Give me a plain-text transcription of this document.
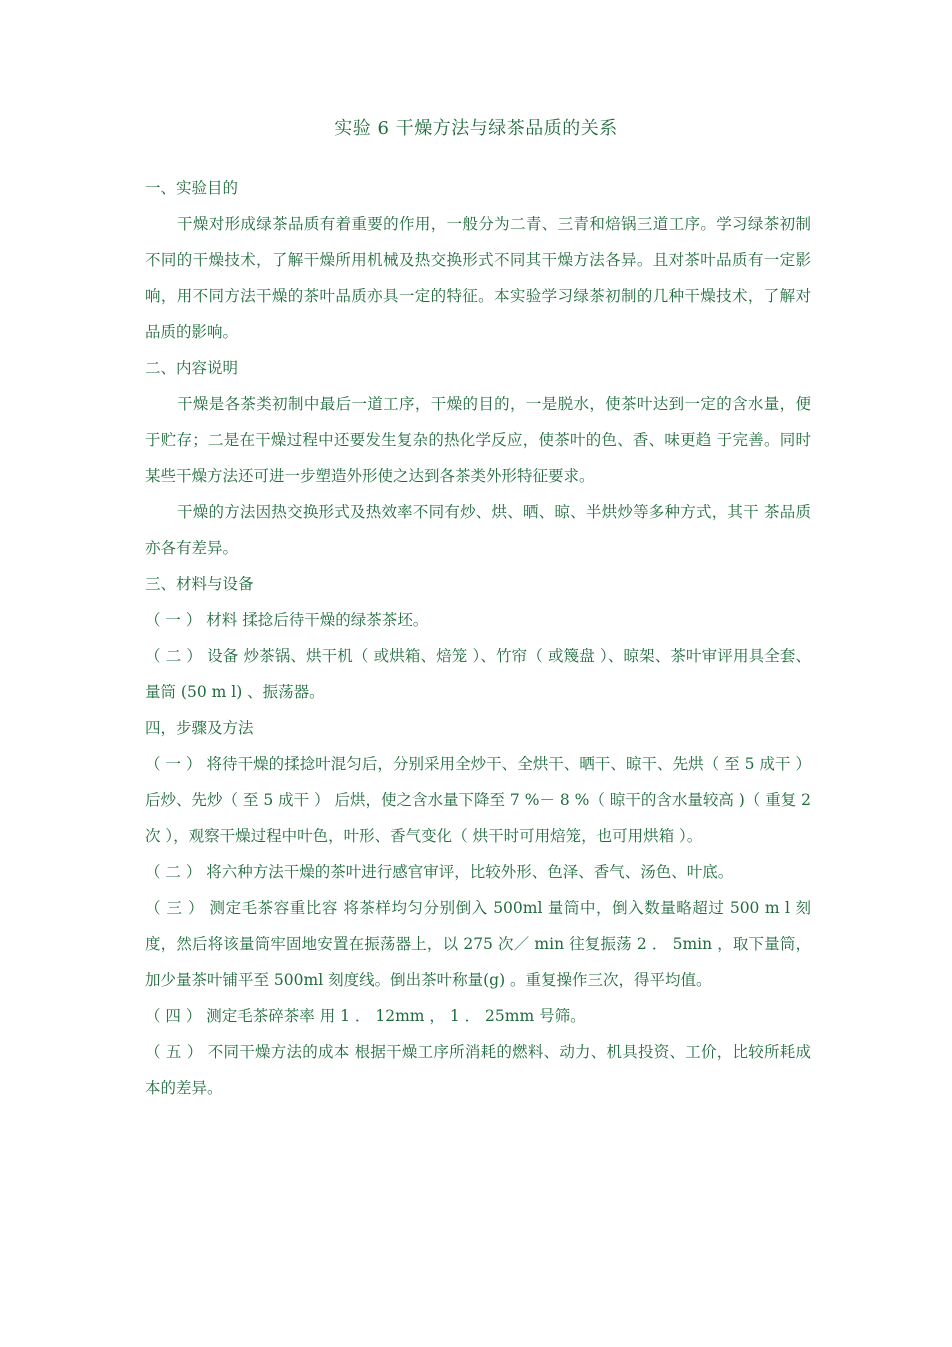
实验 6 干燥方法与绿茶品质的关系

一、实验目的

干燥对形成绿茶品质有着重要的作用，一般分为二青、三青和焙锅三道工序。学习绿茶初制不同的干燥技术，了解干燥所用机械及热交换形式不同其干燥方法各异。且对茶叶品质有一定影响，用不同方法干燥的茶叶品质亦具一定的特征。本实验学习绿茶初制的几种干燥技术，了解对品质的影响。

二、内容说明

干燥是各茶类初制中最后一道工序，干燥的目的，一是脱水，使茶叶达到一定的含水量，便于贮存；二是在干燥过程中还要发生复杂的热化学反应，使茶叶的色、香、味更趋 于完善。同时某些干燥方法还可进一步塑造外形使之达到各茶类外形特征要求。

干燥的方法因热交换形式及热效率不同有炒、烘、晒、晾、半烘炒等多种方式，其干 茶品质亦各有差异。

三、材料与设备

（ 一 ） 材料 揉捻后待干燥的绿茶茶坯。

（ 二 ） 设备 炒茶锅、烘干机（ 或烘箱、焙笼 ）、竹帘（ 或篾盘 ）、晾架、茶叶审评用具全套、量筒 (50 m l) 、振荡器。

四，步骤及方法

（ 一 ） 将待干燥的揉捻叶混匀后，分别采用全炒干、全烘干、晒干、晾干、先烘（ 至 5 成干 ）后炒、先炒（ 至 5 成干 ） 后烘，使之含水量下降至 7 %－ 8 %（ 晾干的含水量较高 )（ 重复 2 次 ），观察干燥过程中叶色，叶形、香气变化（ 烘干时可用焙笼，也可用烘箱 ）。

（ 二 ） 将六种方法干燥的茶叶进行感官审评，比较外形、色泽、香气、汤色、叶底。

（ 三 ） 测定毛茶容重比容 将茶样均匀分别倒入 500ml 量筒中，倒入数量略超过 500 m l 刻度，然后将该量筒牢固地安置在振荡器上，以 275 次／ min 往复振荡 2 ． 5min ，取下量筒，加少量茶叶铺平至 500ml 刻度线。倒出茶叶称量(g) 。重复操作三次，得平均值。

（ 四 ） 测定毛茶碎茶率 用 1 ． 12mm ， 1 ． 25mm 号筛。

（ 五 ） 不同干燥方法的成本 根据干燥工序所消耗的燃料、动力、机具投资、工价，比较所耗成本的差异。
